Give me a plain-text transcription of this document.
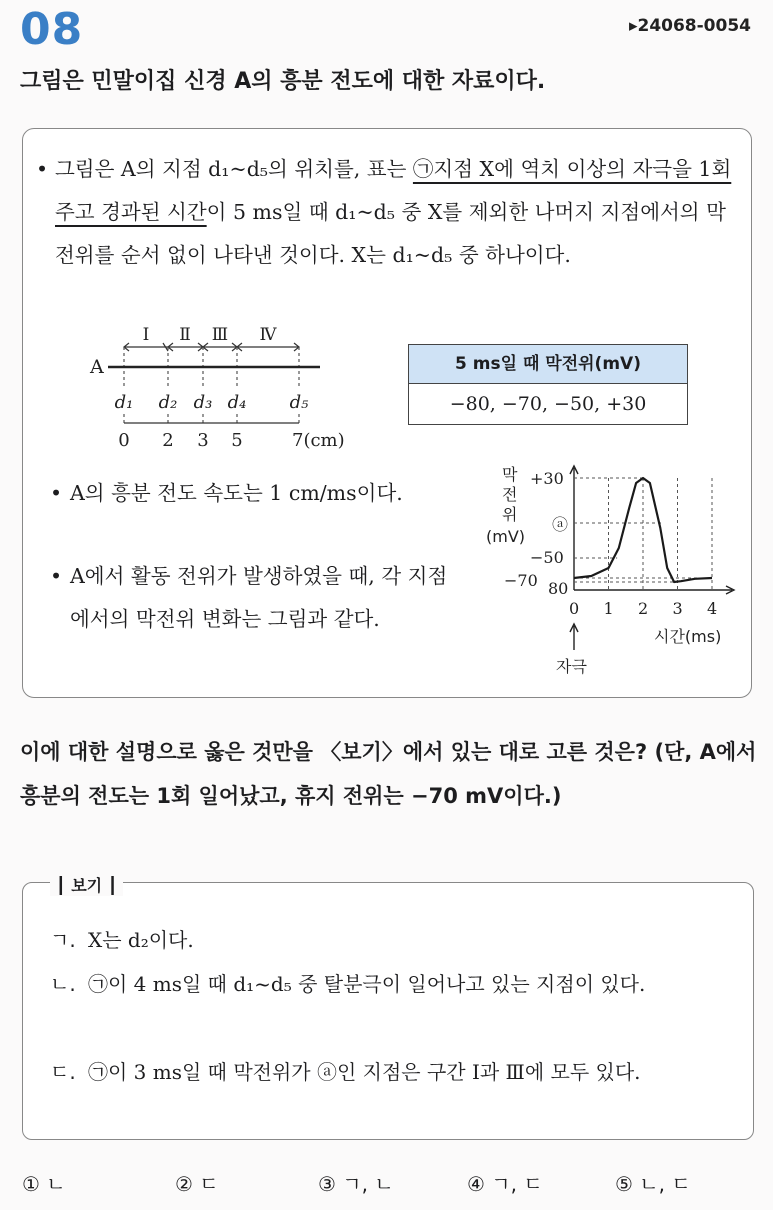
08	▸24068-0054
그림은 민말이집 신경 A의 흥분 전도에 대한 자료이다.
• 그림은 A의 지점 d₁~d₅의 위치를, 표는 ㉠지점 X에 역치 이상의 자극을 1회 주고 경과된 시간이 5 ms일 때 d₁~d₅ 중 X를 제외한 나머지 지점에서의 막전위를 순서 없이 나타낸 것이다. X는 d₁~d₅ 중 하나이다.

Ⅰ Ⅱ Ⅲ Ⅳ
A
d₁ d₂ d₃ d₄ d₅
0 2 3 5	7(cm)
5 ms일 때 막전위(mV)
−80, −70, −50, +30
• A의 흥분 전도 속도는 1 cm/ms이다.

• A에서 활동 전위가 발생하였을 때, 각 지점에서의 막전위 변화는 그림과 같다.

막
전
위
(mV)
+30
ⓐ
−50
−70 80
0 1 2 3 4
시간(ms)
자극

이에 대한 설명으로 옳은 것만을 〈보기〉에서 있는 대로 고른 것은? (단, A에서 흥분의 전도는 1회 일어났고, 휴지 전위는 −70 mV이다.)

┃ 보기 ┃
ㄱ. X는 d₂이다.
ㄴ. ㉠이 4 ms일 때 d₁~d₅ 중 탈분극이 일어나고 있는 지점이 있다.
ㄷ. ㉠이 3 ms일 때 막전위가 ⓐ인 지점은 구간 Ⅰ과 Ⅲ에 모두 있다.
① ㄴ	② ㄷ	③ ㄱ, ㄴ	④ ㄱ, ㄷ	⑤ ㄴ, ㄷ
